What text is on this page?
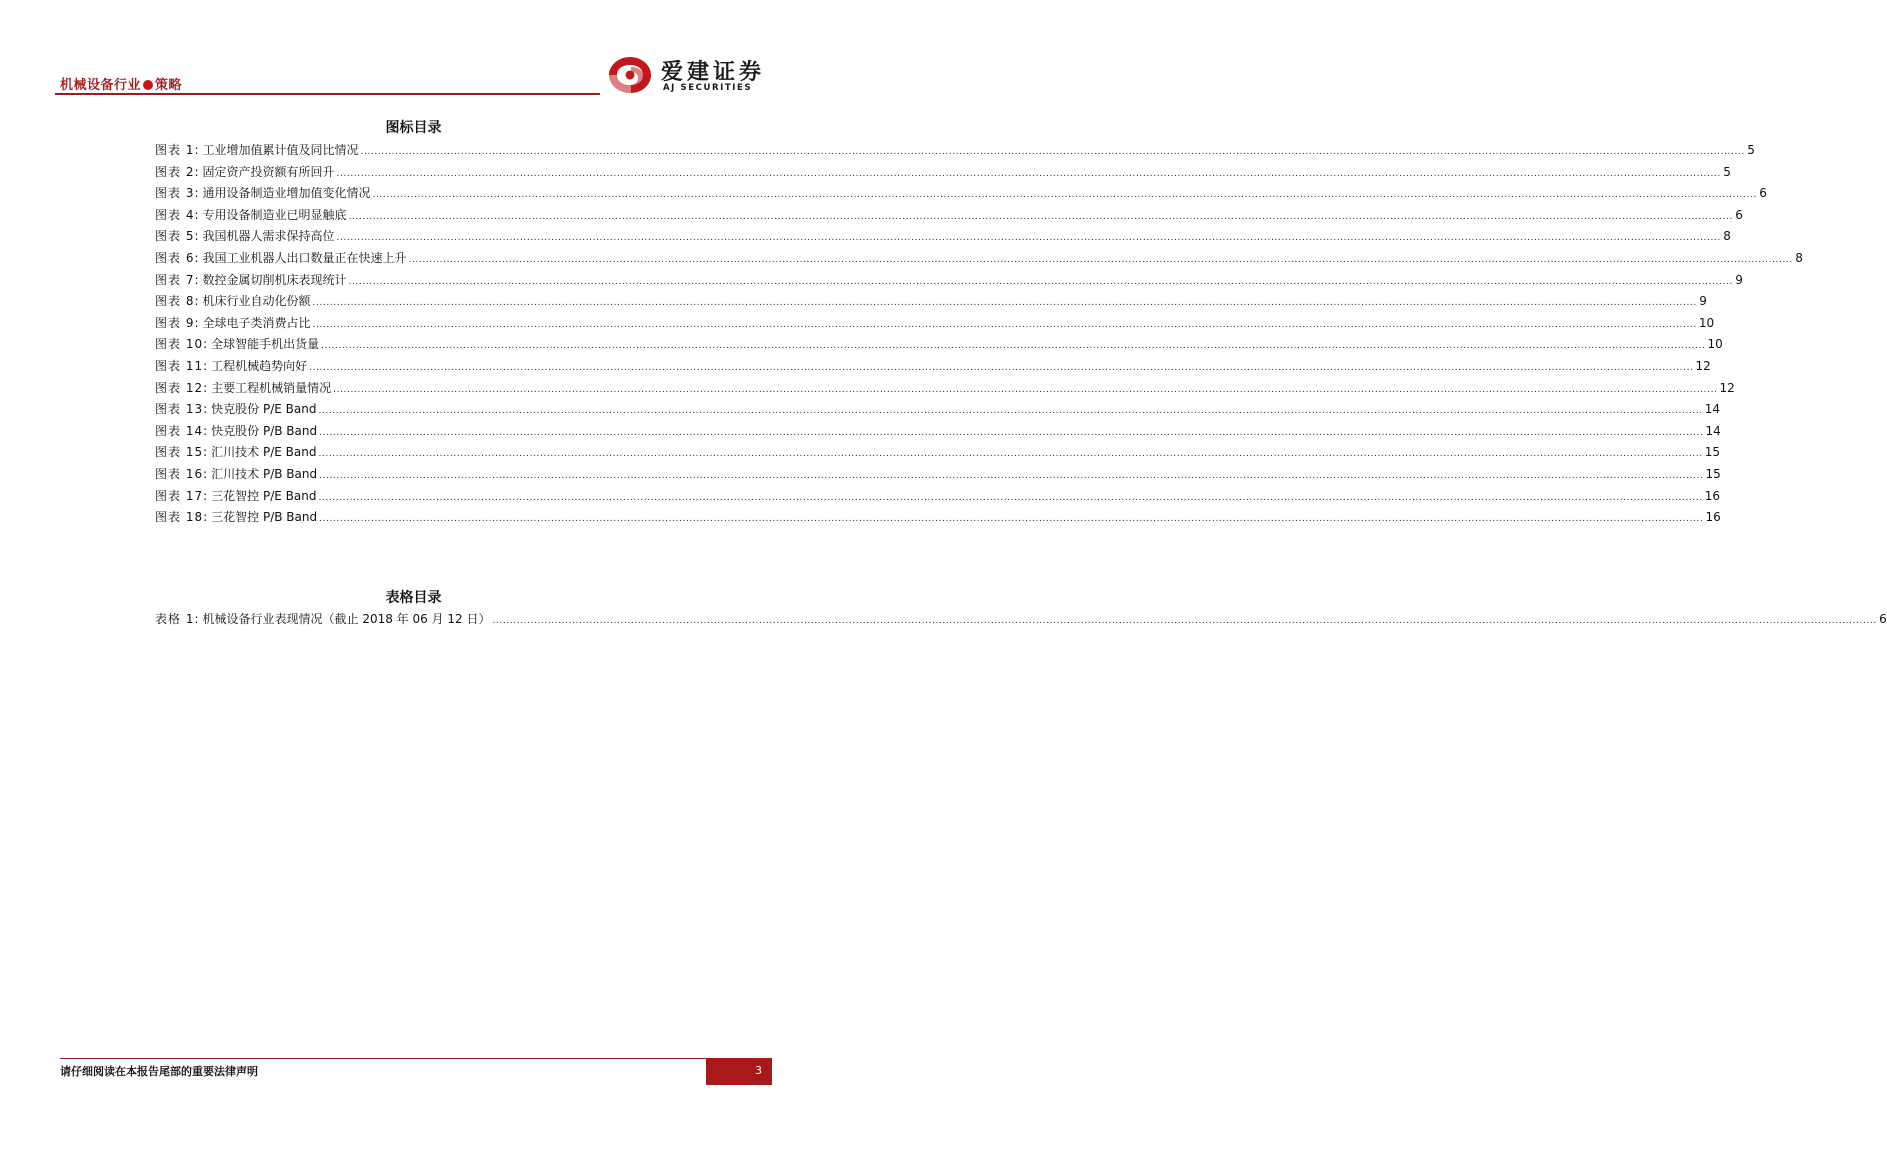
机械设备行业 策略
爱建证券
AJ SECURITIES
图标目录
图表 1: 工业增加值累计值及同比情况 ................................................................................................................................................................................................................................................................................................................................................................................................................ 5
图表 2: 固定资产投资额有所回升 ................................................................................................................................................................................................................................................................................................................................................................................................................ 5
图表 3: 通用设备制造业增加值变化情况 ................................................................................................................................................................................................................................................................................................................................................................................................................ 6
图表 4: 专用设备制造业已明显触底 ................................................................................................................................................................................................................................................................................................................................................................................................................ 6
图表 5: 我国机器人需求保持高位 ................................................................................................................................................................................................................................................................................................................................................................................................................ 8
图表 6: 我国工业机器人出口数量正在快速上升 ................................................................................................................................................................................................................................................................................................................................................................................................................ 8
图表 7: 数控金属切削机床表现统计 ................................................................................................................................................................................................................................................................................................................................................................................................................ 9
图表 8: 机床行业自动化份额 ................................................................................................................................................................................................................................................................................................................................................................................................................ 9
图表 9: 全球电子类消费占比 ................................................................................................................................................................................................................................................................................................................................................................................................................ 10
图表 10: 全球智能手机出货量 ................................................................................................................................................................................................................................................................................................................................................................................................................ 10
图表 11: 工程机械趋势向好 ................................................................................................................................................................................................................................................................................................................................................................................................................ 12
图表 12: 主要工程机械销量情况 ................................................................................................................................................................................................................................................................................................................................................................................................................ 12
图表 13: 快克股份 P/E Band ................................................................................................................................................................................................................................................................................................................................................................................................................ 14
图表 14: 快克股份 P/B Band ................................................................................................................................................................................................................................................................................................................................................................................................................ 14
图表 15: 汇川技术 P/E Band ................................................................................................................................................................................................................................................................................................................................................................................................................ 15
图表 16: 汇川技术 P/B Band ................................................................................................................................................................................................................................................................................................................................................................................................................ 15
图表 17: 三花智控 P/E Band ................................................................................................................................................................................................................................................................................................................................................................................................................ 16
图表 18: 三花智控 P/B Band ................................................................................................................................................................................................................................................................................................................................................................................................................ 16
表格目录
表格 1: 机械设备行业表现情况（截止 2018 年 06 月 12 日） ................................................................................................................................................................................................................................................................................................................................................................................................................ 6
请仔细阅读在本报告尾部的重要法律声明	3
